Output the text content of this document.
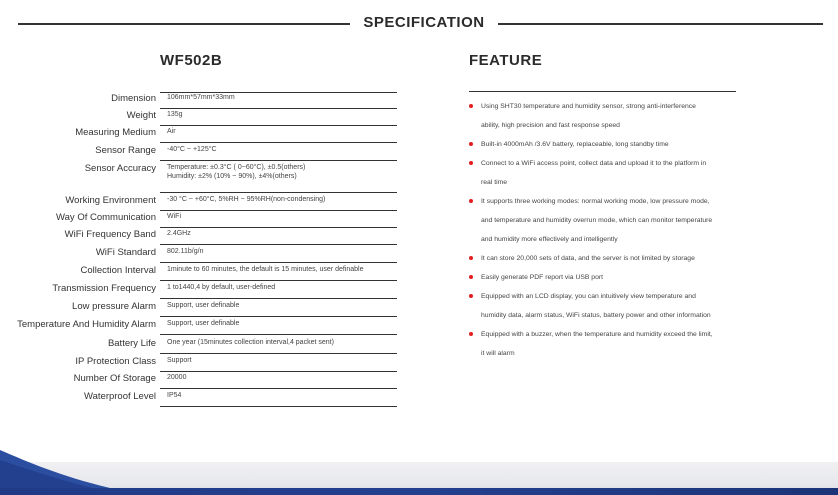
SPECIFICATION
WF502B	FEATURE
Dimension 106mm*57mm*33mm
Weight 135g
Measuring Medium Air
Sensor Range -40°C ~ +125°C
Sensor Accuracy Temperature: ±0.3°C ( 0~60°C), ±0.5(others)
Humidity: ±2% (10% ~ 90%), ±4%(others)
Working Environment -30 °C ~ +60°C, 5%RH ~ 95%RH(non-condensing)
Way Of Communication WiFi
WiFi Frequency Band 2.4GHz
WiFi Standard 802.11b/g/n
Collection Interval 1minute to 60 minutes, the default is 15 minutes, user definable
Transmission Frequency 1 to1440,4 by default, user-defined
Low pressure Alarm Support, user definable
Temperature And Humidity Alarm Support, user definable
Battery Life One year (15minutes collection interval,4 packet sent)
IP Protection Class Support
Number Of Storage 20000
Waterproof Level IP54
Using SHT30 temperature and humidity sensor, strong anti-interference
ability, high precision and fast response speed
Built-in 4000mAh /3.6V battery, replaceable, long standby time
Connect to a WiFi access point, collect data and upload it to the platform in
real time
It supports three working modes: normal working mode, low pressure mode,
and temperature and humidity overrun mode, which can monitor temperature
and humidity more effectively and intelligently
It can store 20,000 sets of data, and the server is not limited by storage
Easily generate PDF report via USB port
Equipped with an LCD display, you can intuitively view temperature and
humidity data, alarm status, WiFi status, battery power and other information
Equipped with a buzzer, when the temperature and humidity exceed the limit,
it will alarm
